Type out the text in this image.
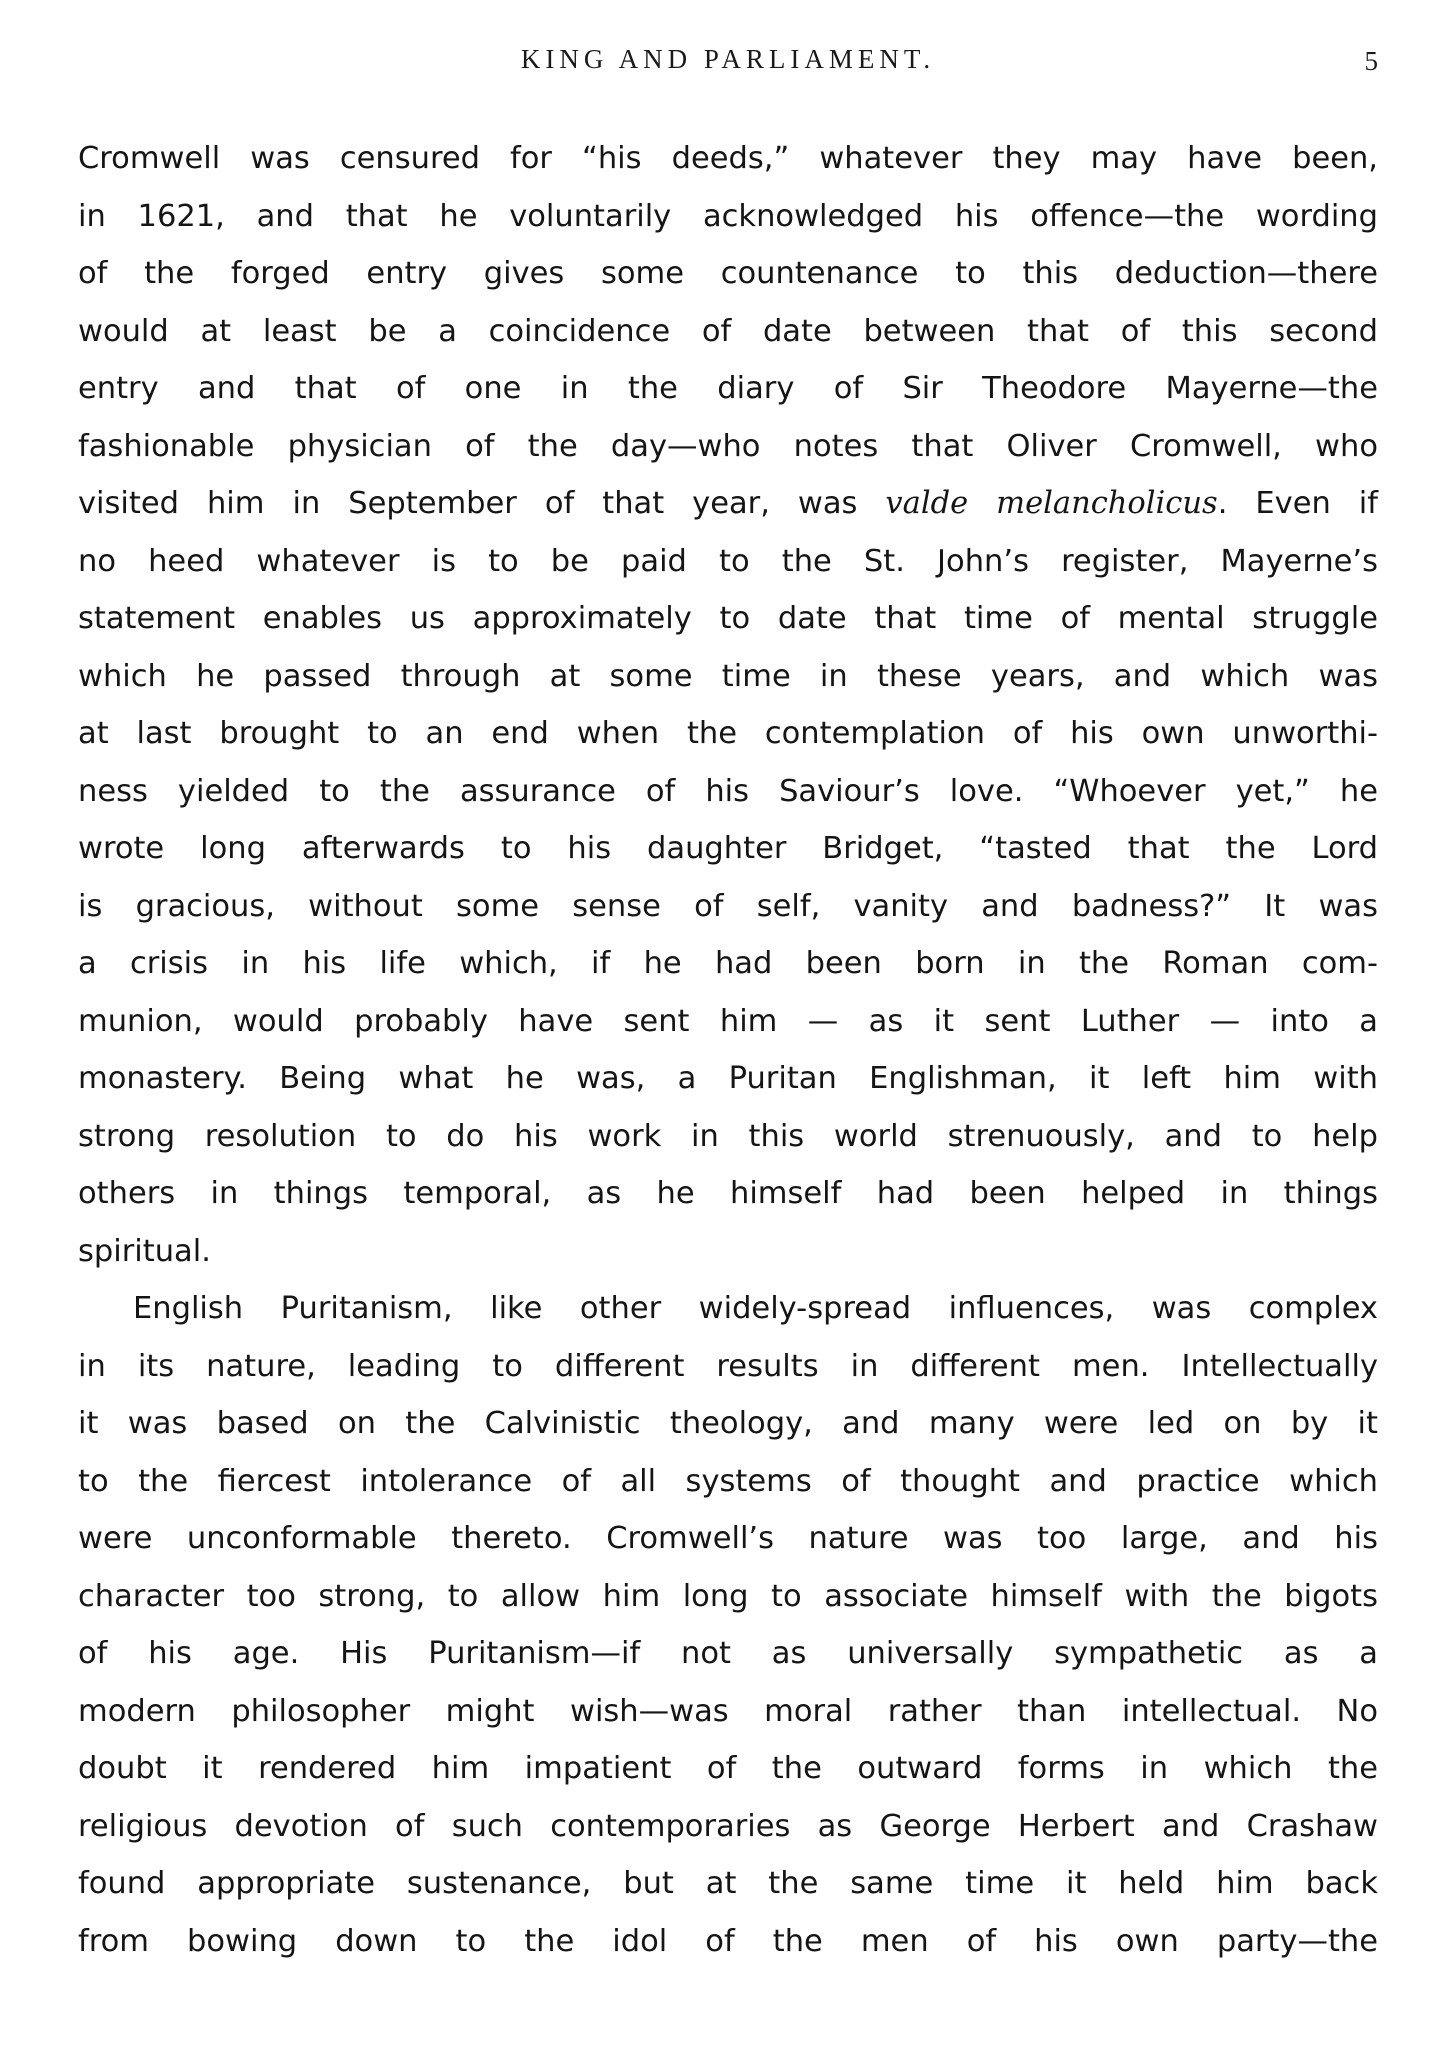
KING AND PARLIAMENT.	5
Cromwell was censured for “his deeds,” whatever they may have been,
in 1621, and that he voluntarily acknowledged his offence—the wording
of the forged entry gives some countenance to this deduction—there
would at least be a coincidence of date between that of this second
entry and that of one in the diary of Sir Theodore Mayerne—the
fashionable physician of the day—who notes that Oliver Cromwell, who
visited him in September of that year, was valde melancholicus. Even if
no heed whatever is to be paid to the St. John’s register, Mayerne’s
statement enables us approximately to date that time of mental struggle
which he passed through at some time in these years, and which was
at last brought to an end when the contemplation of his own unworthi-
ness yielded to the assurance of his Saviour’s love. “Whoever yet,” he
wrote long afterwards to his daughter Bridget, “tasted that the Lord
is gracious, without some sense of self, vanity and badness?” It was
a crisis in his life which, if he had been born in the Roman com-
munion, would probably have sent him — as it sent Luther — into a
monastery. Being what he was, a Puritan Englishman, it left him with
strong resolution to do his work in this world strenuously, and to help
others in things temporal, as he himself had been helped in things
spiritual.
English Puritanism, like other widely-spread influences, was complex
in its nature, leading to different results in different men. Intellectually
it was based on the Calvinistic theology, and many were led on by it
to the fiercest intolerance of all systems of thought and practice which
were unconformable thereto. Cromwell’s nature was too large, and his
character too strong, to allow him long to associate himself with the bigots
of his age. His Puritanism—if not as universally sympathetic as a
modern philosopher might wish—was moral rather than intellectual. No
doubt it rendered him impatient of the outward forms in which the
religious devotion of such contemporaries as George Herbert and Crashaw
found appropriate sustenance, but at the same time it held him back
from bowing down to the idol of the men of his own party—the
